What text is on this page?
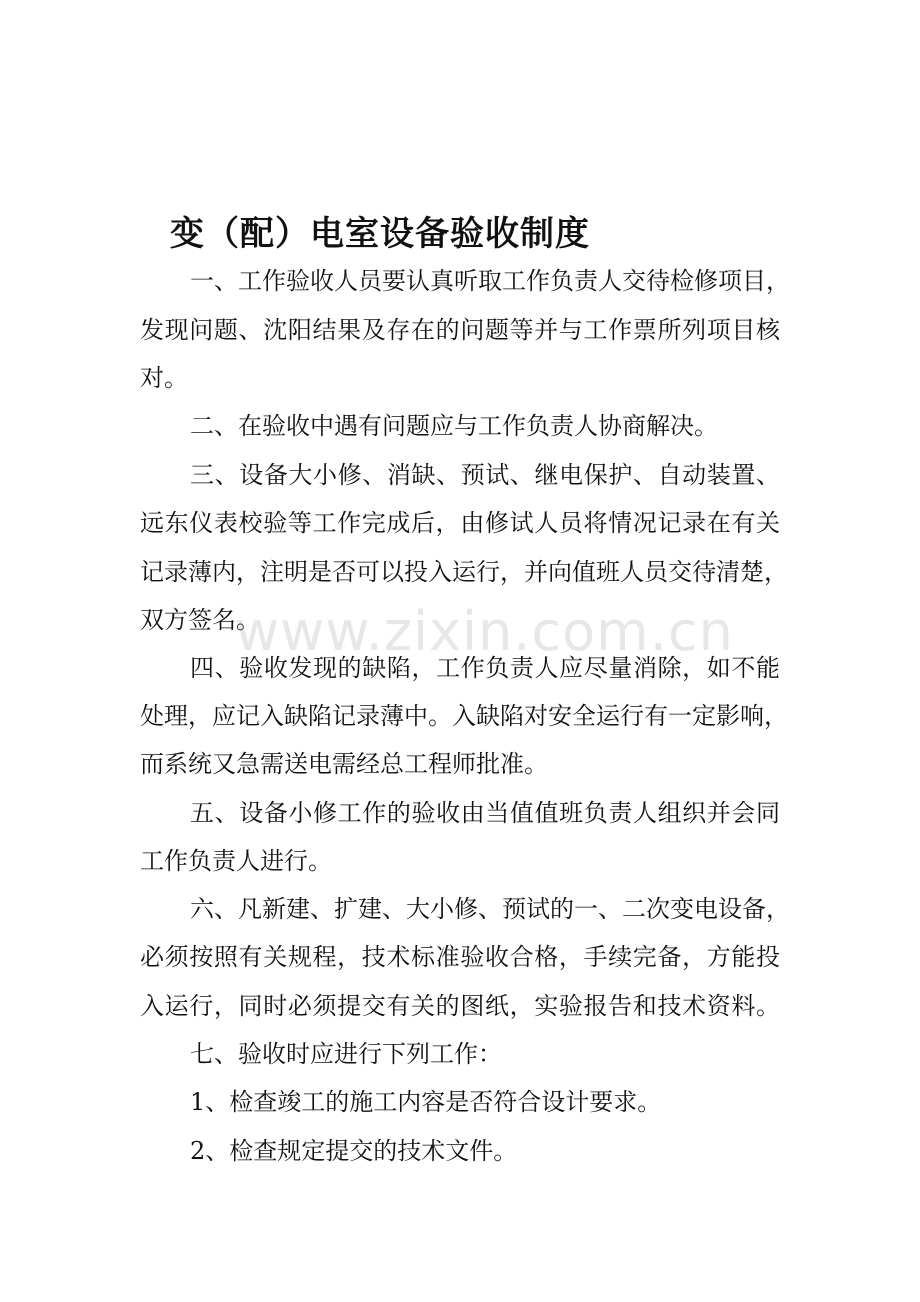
变（配）电室设备验收制度

一、工作验收人员要认真听取工作负责人交待检修项目，

发现问题、沈阳结果及存在的问题等并与工作票所列项目核

对。

二、在验收中遇有问题应与工作负责人协商解决。

三、设备大小修、消缺、预试、继电保护、自动装置、

远东仪表校验等工作完成后，由修试人员将情况记录在有关

记录薄内，注明是否可以投入运行，并向值班人员交待清楚，

双方签名。

四、验收发现的缺陷，工作负责人应尽量消除，如不能

处理，应记入缺陷记录薄中。入缺陷对安全运行有一定影响，

而系统又急需送电需经总工程师批准。

五、设备小修工作的验收由当值值班负责人组织并会同

工作负责人进行。

六、凡新建、扩建、大小修、预试的一、二次变电设备，

必须按照有关规程，技术标准验收合格，手续完备，方能投

入运行，同时必须提交有关的图纸，实验报告和技术资料。

七、验收时应进行下列工作：

1、检查竣工的施工内容是否符合设计要求。

2、检查规定提交的技术文件。

www.zixin.com.cn
